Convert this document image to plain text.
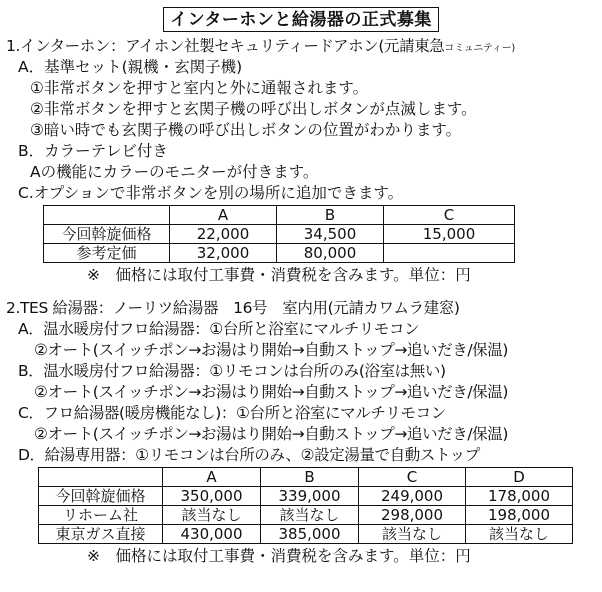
インターホンと給湯器の正式募集
1.インターホン：アイホン社製セキュリティードアホン(元請東急コミュニティー)
A．基準セット(親機・玄関子機)
①非常ボタンを押すと室内と外に通報されます。
②非常ボタンを押すと玄関子機の呼び出しボタンが点滅します。
③暗い時でも玄関子機の呼び出しボタンの位置がわかります。
B．カラーテレビ付き
Aの機能にカラーのモニターが付きます。
C.オプションで非常ボタンを別の場所に追加できます。
	A	B	C
今回斡旋価格	22,000	34,500	15,000
参考定価	32,000	80,000	
※　価格には取付工事費・消費税を含みます。単位：円
2.TES 給湯器：ノーリツ給湯器　16号　室内用(元請カワムラ建窓)
A．温水暖房付フロ給湯器：①台所と浴室にマルチリモコン
②オート(スイッチポン→お湯はり開始→自動ストップ→追いだき/保温)
B．温水暖房付フロ給湯器：①リモコンは台所のみ(浴室は無い)
②オート(スイッチポン→お湯はり開始→自動ストップ→追いだき/保温)
C．フロ給湯器(暖房機能なし)：①台所と浴室にマルチリモコン
②オート(スイッチポン→お湯はり開始→自動ストップ→追いだき/保温)
D．給湯専用器：①リモコンは台所のみ、②設定湯量で自動ストップ
	A	B	C	D
今回斡旋価格	350,000	339,000	249,000	178,000
リホーム社	該当なし	該当なし	298,000	198,000
東京ガス直接	430,000	385,000	該当なし	該当なし
※　価格には取付工事費・消費税を含みます。単位：円
